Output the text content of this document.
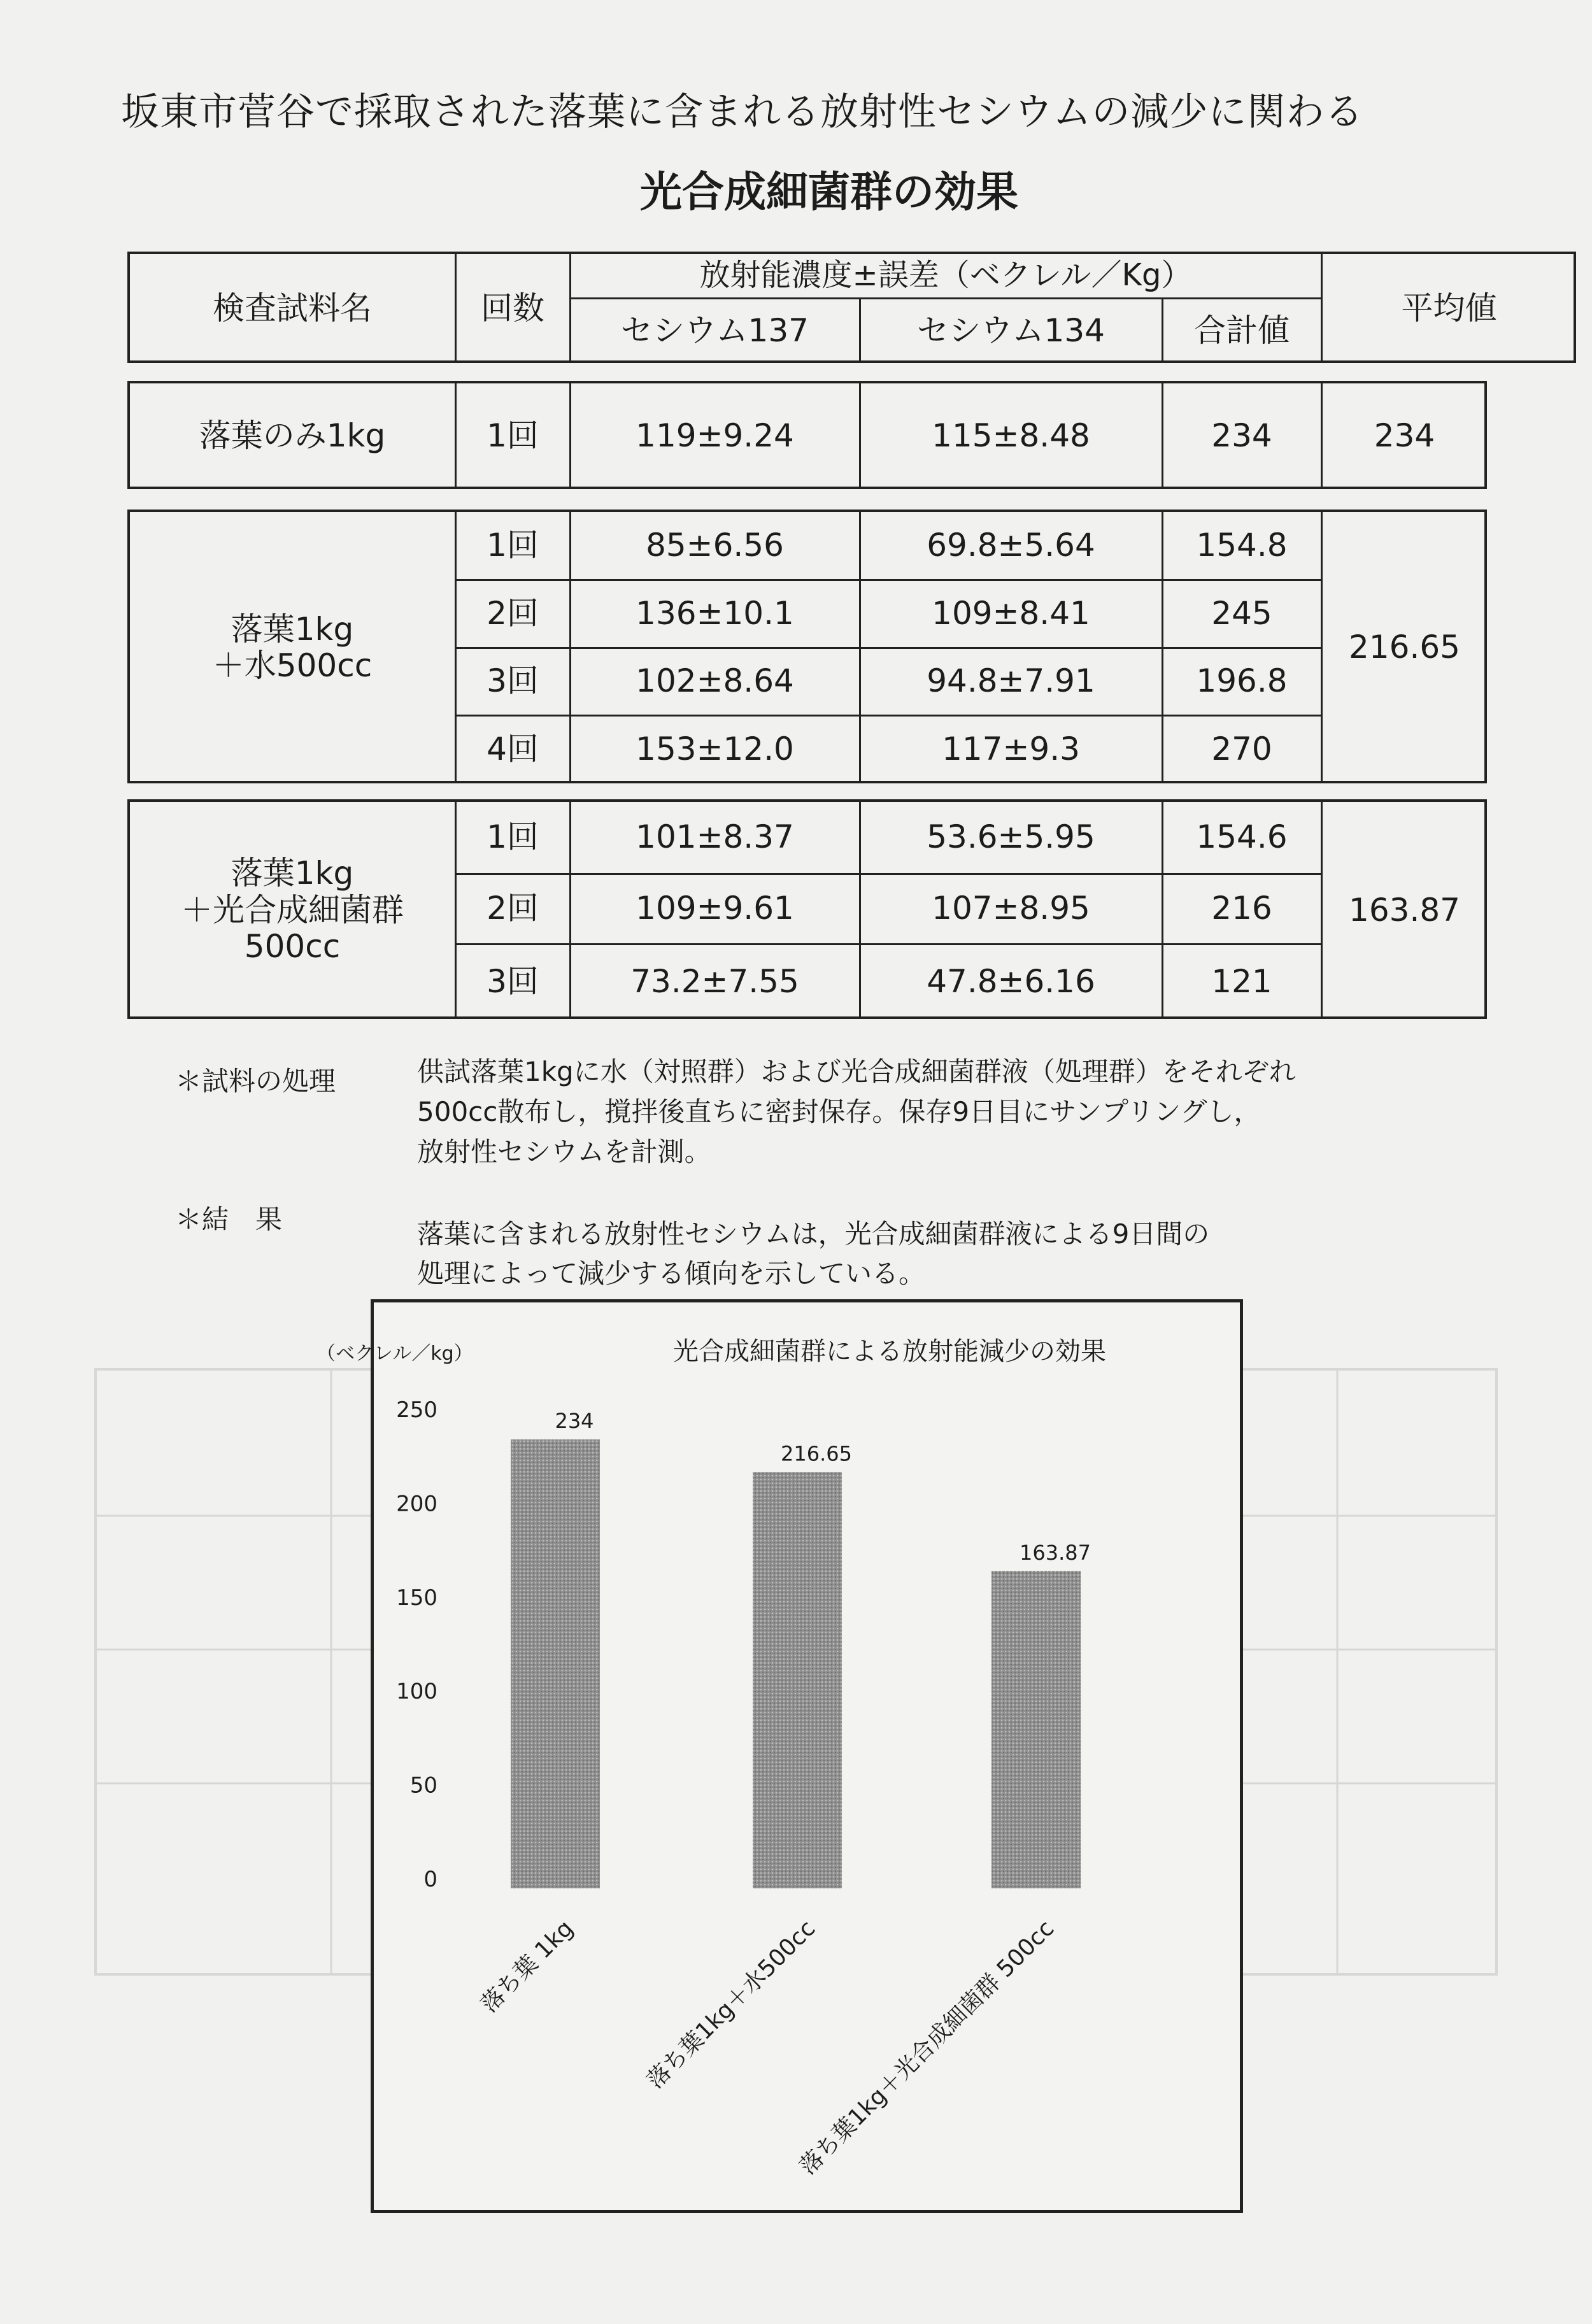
坂東市菅谷で採取された落葉に含まれる放射性セシウムの減少に関わる
光合成細菌群の効果
検査試料名	回数
放射能濃度±誤差（ベクレル／Kg）
セシウム137	セシウム134	合計値
平均値
落葉のみ1kg	1回	119±9.24	115±8.48	234	234
落葉1kg
＋水500cc
1回	85±6.56	69.8±5.64	154.8
2回	136±10.1	109±8.41	245
3回	102±8.64	94.8±7.91	196.8
4回	153±12.0	117±9.3	270
216.65
落葉1kg
＋光合成細菌群
500cc
1回	101±8.37	53.6±5.95	154.6
2回	109±9.61	107±8.95	216
3回	73.2±7.55	47.8±6.16	121
163.87
＊試料の処理	供試落葉1kgに水（対照群）および光合成細菌群液（処理群）をそれぞれ
500cc散布し，撹拌後直ちに密封保存。保存9日目にサンプリングし，
放射性セシウムを計測。
＊結　果	落葉に含まれる放射性セシウムは，光合成細菌群液による9日間の
処理によって減少する傾向を示している。
光合成細菌群による放射能減少の効果
（ベクレル／kg）
250
200
150
100
50
0
234
216.65
163.87
落ち葉 1kg	落ち葉1kg＋水500cc
落ち葉1kg＋光合成細菌群 500cc
